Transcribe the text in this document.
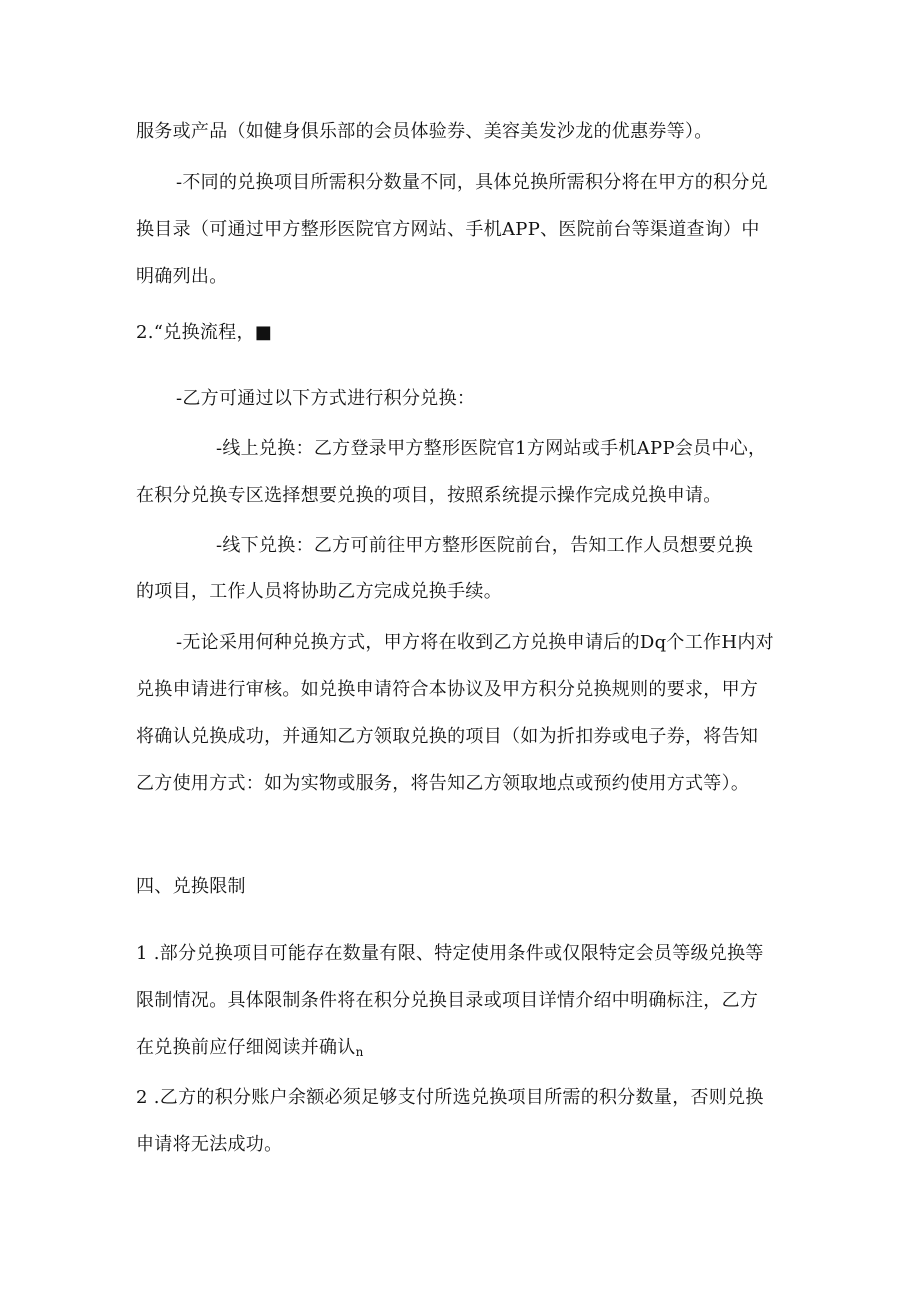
服务或产品（如健身俱乐部的会员体验券、美容美发沙龙的优惠券等）。
-不同的兑换项目所需积分数量不同，具体兑换所需积分将在甲方的积分兑
换目录（可通过甲方整形医院官方网站、手机APP、医院前台等渠道查询）中
明确列出。
2.“兑换流程，■
-乙方可通过以下方式进行积分兑换：
-线上兑换：乙方登录甲方整形医院官1方网站或手机APP会员中心，
在积分兑换专区选择想要兑换的项目，按照系统提示操作完成兑换申请。
-线下兑换：乙方可前往甲方整形医院前台，告知工作人员想要兑换
的项目，工作人员将协助乙方完成兑换手续。
-无论采用何种兑换方式，甲方将在收到乙方兑换申请后的Dq个工作H内对
兑换申请进行审核。如兑换申请符合本协议及甲方积分兑换规则的要求，甲方
将确认兑换成功，并通知乙方领取兑换的项目（如为折扣券或电子券，将告知
乙方使用方式：如为实物或服务，将告知乙方领取地点或预约使用方式等）。
四、兑换限制
1 .部分兑换项目可能存在数量有限、特定使用条件或仅限特定会员等级兑换等
限制情况。具体限制条件将在积分兑换目录或项目详情介绍中明确标注，乙方
在兑换前应仔细阅读并确认$_n$
2 .乙方的积分账户余额必须足够支付所选兑换项目所需的积分数量，否则兑换
申请将无法成功。
